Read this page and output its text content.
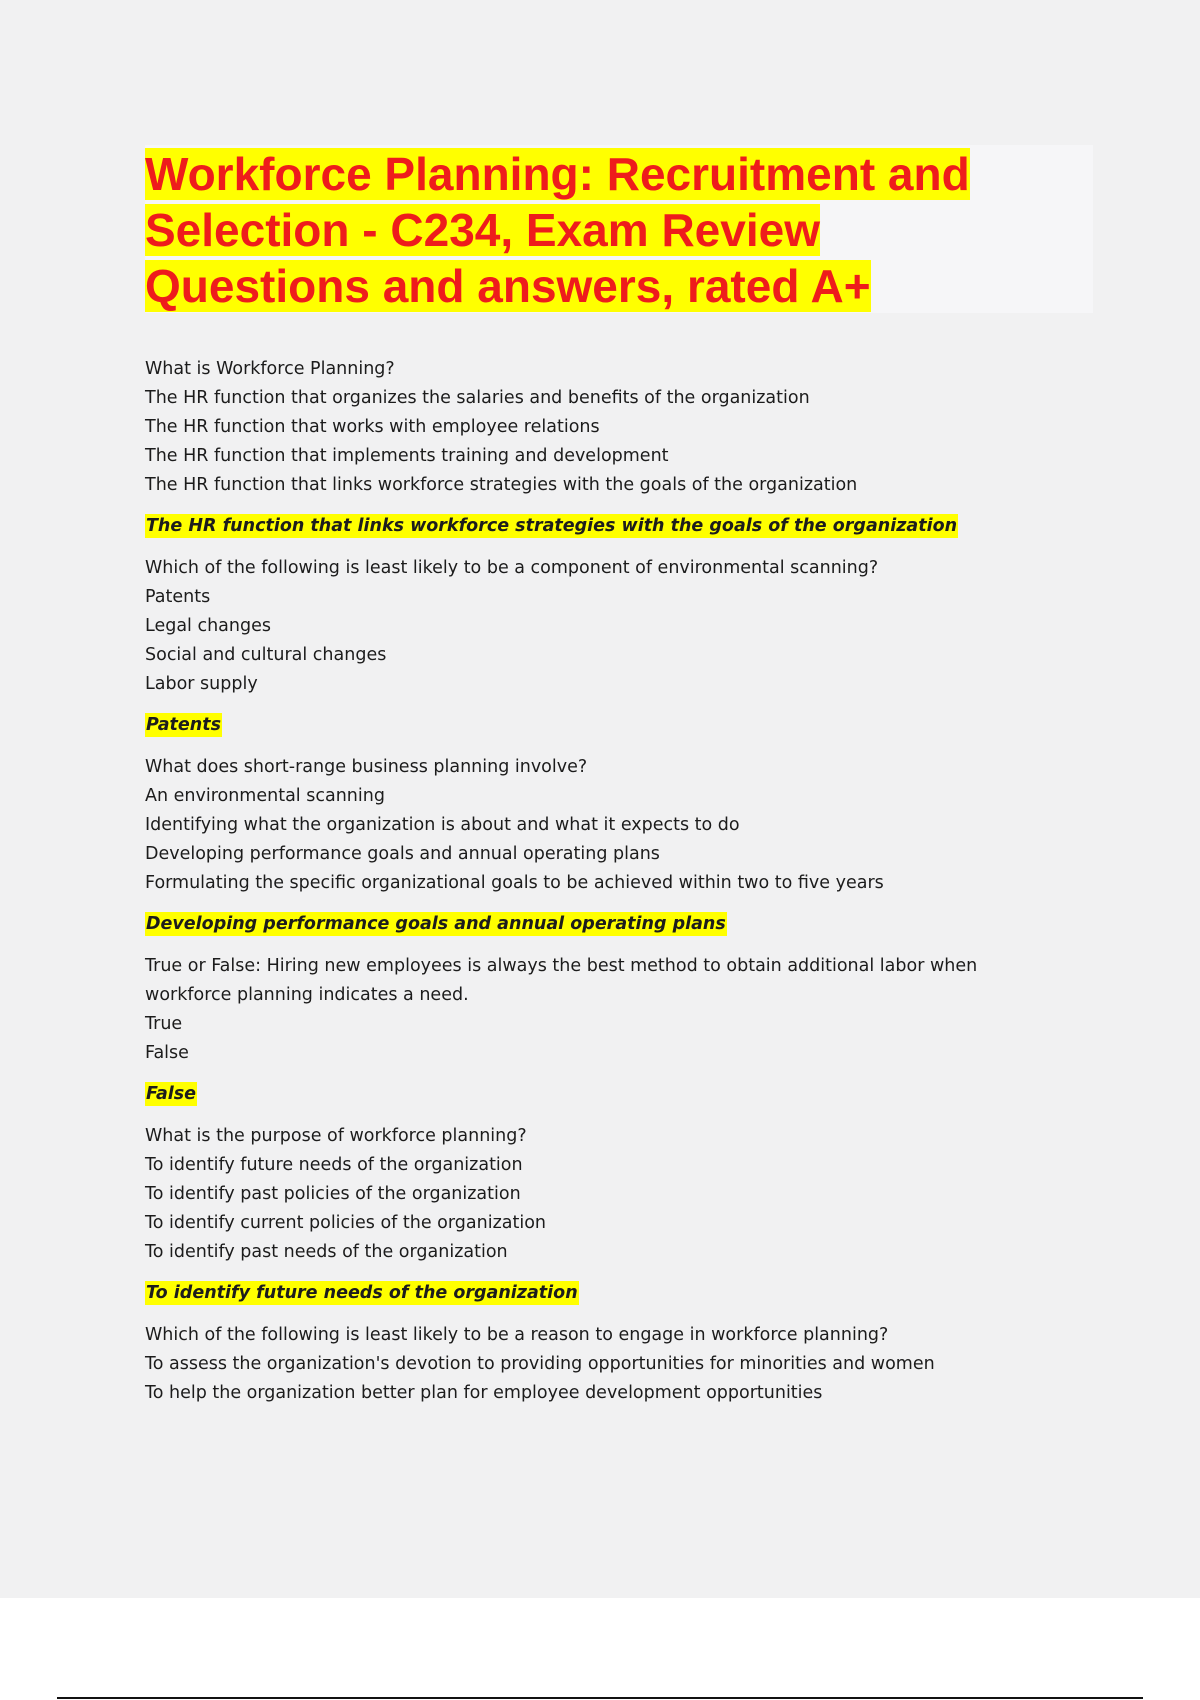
Workforce Planning: Recruitment and
Selection - C234, Exam Review
Questions and answers, rated A+
What is Workforce Planning?
The HR function that organizes the salaries and benefits of the organization
The HR function that works with employee relations
The HR function that implements training and development
The HR function that links workforce strategies with the goals of the organization

The HR function that links workforce strategies with the goals of the organization

Which of the following is least likely to be a component of environmental scanning?
Patents
Legal changes
Social and cultural changes
Labor supply

Patents

What does short-range business planning involve?
An environmental scanning
Identifying what the organization is about and what it expects to do
Developing performance goals and annual operating plans
Formulating the specific organizational goals to be achieved within two to five years

Developing performance goals and annual operating plans

True or False: Hiring new employees is always the best method to obtain additional labor when
workforce planning indicates a need.
True
False

False

What is the purpose of workforce planning?
To identify future needs of the organization
To identify past policies of the organization
To identify current policies of the organization
To identify past needs of the organization

To identify future needs of the organization

Which of the following is least likely to be a reason to engage in workforce planning?
To assess the organization's devotion to providing opportunities for minorities and women
To help the organization better plan for employee development opportunities
